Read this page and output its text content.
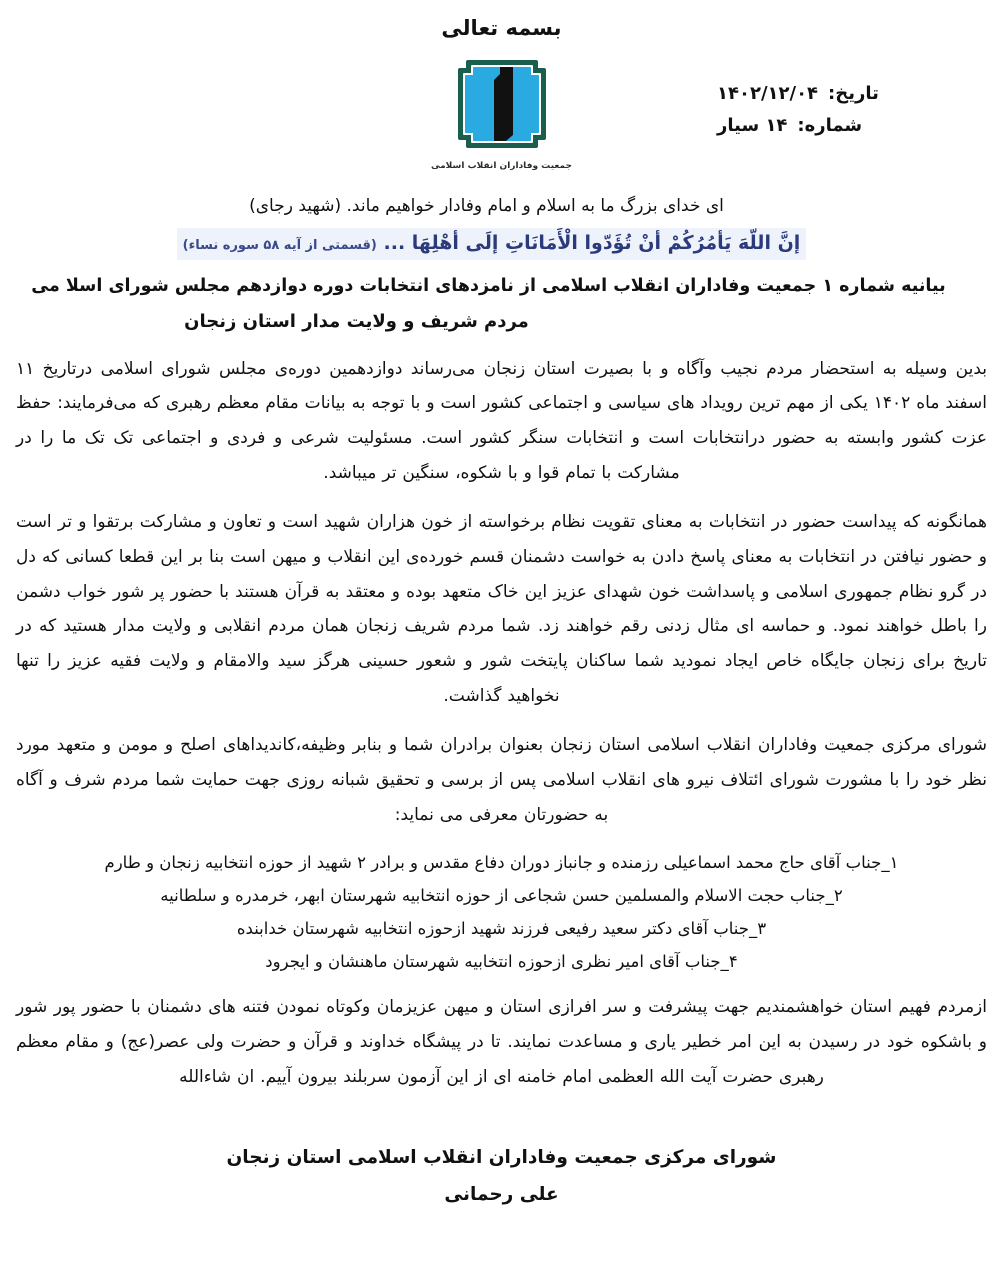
بسمه تعالی
جمعیت وفاداران انقلاب اسلامی
تاریخ:۱۴۰۲/۱۲/۰۴
شماره:۱۴ سیار
ای خدای بزرگ ما به اسلام و امام وفادار خواهیم ماند. (شهید رجای)
إنَّ اللّهَ يَأمُرُكُمْ أنْ تُؤَدّوا الْأَمَانَاتِ إلَى أهْلِهَا ... (قسمتی از آیه ۵۸ سوره نساء)
بیانیه شماره ۱ جمعیت وفاداران انقلاب اسلامی از نامزدهای انتخابات دوره دوازدهم مجلس شورای اسلا می
مردم شریف و ولایت مدار استان زنجان

بدین وسیله به استحضار مردم نجیب وآگاه و با بصیرت استان زنجان می‌رساند دوازدهمین دوره‌ی مجلس شورای اسلامی درتاریخ ۱۱ اسفند ماه ۱۴۰۲ یکی از مهم ترین رویداد های سیاسی و اجتماعی کشور است و با توجه به بیانات مقام معظم رهبری که می‌فرمایند: حفظ عزت کشور وابسته به حضور درانتخابات است و انتخابات سنگر کشور است. مسئولیت شرعی و فردی و اجتماعی تک تک ما را در مشارکت با تمام قوا و با شکوه، سنگین تر میباشد.

همانگونه که پیداست حضور در انتخابات به معنای تقویت نظام برخواسته از خون هزاران شهید است و تعاون و مشارکت برتقوا و تر است و حضور نیافتن در انتخابات به معنای پاسخ دادن به خواست دشمنان قسم خورده‌ی این انقلاب و میهن است بنا بر این قطعا کسانی که دل در گرو نظام جمهوری اسلامی و پاسداشت خون شهدای عزیز این خاک متعهد بوده و معتقد به قرآن هستند با حضور پر شور خواب دشمن را باطل خواهند نمود. و حماسه ای مثال زدنی رقم خواهند زد. شما مردم شریف زنجان همان مردم انقلابی و ولایت مدار هستید که در تاریخ برای زنجان جایگاه خاص ایجاد نمودید شما ساکنان پایتخت شور و شعور حسینی هرگز سید والامقام و ولایت فقیه عزیز را تنها نخواهید گذاشت.

شورای مرکزی جمعیت وفاداران انقلاب اسلامی استان زنجان بعنوان برادران شما و بنابر وظیفه،کاندیداهای اصلح و مومن و متعهد مورد نظر خود را با مشورت شورای ائتلاف نیرو های انقلاب اسلامی پس از برسی و تحقیق شبانه روزی جهت حمایت شما مردم شرف و آگاه به حضورتان معرفی می نماید:

۱_جناب آقای حاج محمد اسماعیلی رزمنده و جانباز دوران دفاع مقدس و برادر ۲ شهید از حوزه انتخابیه زنجان و طارم
۲_جناب حجت الاسلام والمسلمین حسن شجاعی از حوزه انتخابیه شهرستان ابهر، خرمدره و سلطانیه
۳_جناب آقای دکتر سعید رفیعی فرزند شهید ازحوزه انتخابیه شهرستان خدابنده
۴_جناب آقای امیر نظری ازحوزه انتخابیه شهرستان ماهنشان و ایجرود

ازمردم فهیم استان خواهشمندیم جهت پیشرفت و سر افرازی استان و میهن عزیزمان وکوتاه نمودن فتنه های دشمنان با حضور پور شور و باشکوه خود در رسیدن به این امر خطیر یاری و مساعدت نمایند. تا در پیشگاه خداوند و قرآن و حضرت ولی عصر(عج) و مقام معظم رهبری حضرت آیت الله العظمی امام خامنه ای از این آزمون سربلند بیرون آییم. ان شاءالله

شورای مرکزی جمعیت وفاداران انقلاب اسلامی استان زنجان
علی رحمانی
